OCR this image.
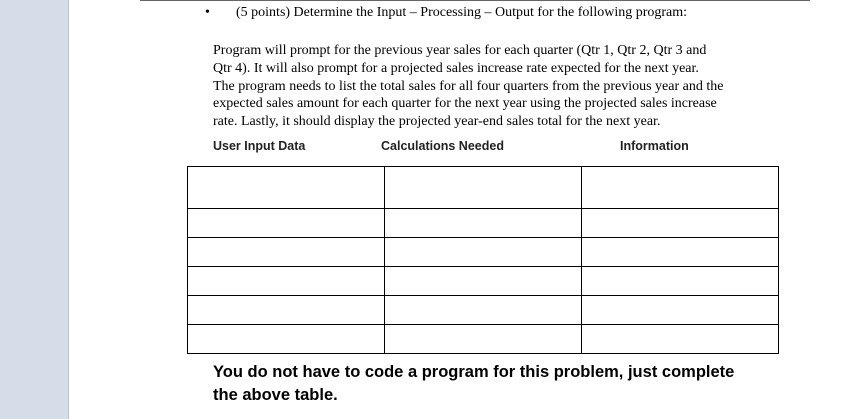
• (5 points) Determine the Input – Processing – Output for the following program:
Program will prompt for the previous year sales for each quarter (Qtr 1, Qtr 2, Qtr 3 and
Qtr 4). It will also prompt for a projected sales increase rate expected for the next year.
The program needs to list the total sales for all four quarters from the previous year and the
expected sales amount for each quarter for the next year using the projected sales increase
rate. Lastly, it should display the projected year-end sales total for the next year.
User Input Data	Calculations Needed	Information

You do not have to code a program for this problem, just complete
the above table.
